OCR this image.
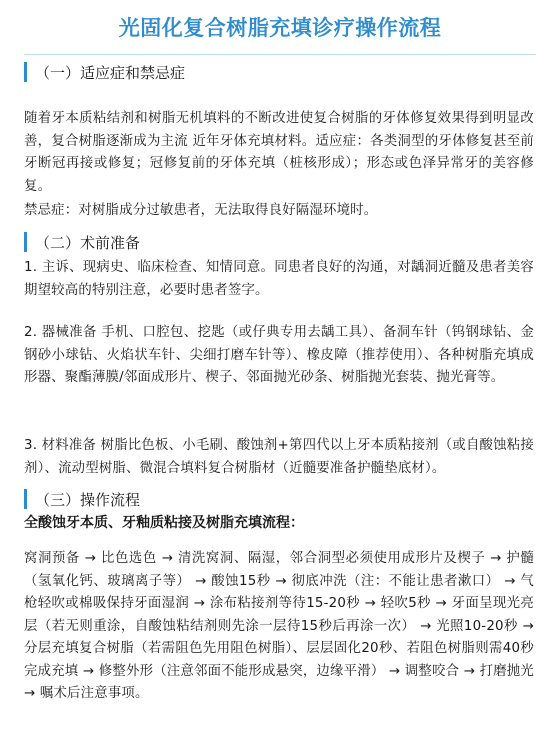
光固化复合树脂充填诊疗操作流程
（一）适应症和禁忌症
随着牙本质粘结剂和树脂无机填料的不断改进使复合树脂的牙体修复效果得到明显改善，复合树脂逐渐成为主流 近年牙体充填材料。适应症：各类洞型的牙体修复甚至前牙断冠再接或修复；冠修复前的牙体充填（桩核形成）；形态或色泽异常牙的美容修复。
禁忌症：对树脂成分过敏患者，无法取得良好隔湿环境时。
（二）术前准备
1. 主诉、现病史、临床检查、知情同意。同患者良好的沟通，对龋洞近髓及患者美容期望较高的特别注意，必要时患者签字。
2. 器械准备 手机、口腔包、挖匙（或仔典专用去龋工具）、备洞车针（钨钢球钻、金钢砂小球钻、火焰状车针、尖细打磨车针等）、橡皮障（推荐使用）、各种树脂充填成形器、聚酯薄膜/邻面成形片、楔子、邻面抛光砂条、树脂抛光套装、抛光膏等。
3. 材料准备 树脂比色板、小毛刷、酸蚀剂+第四代以上牙本质粘接剂（或自酸蚀粘接剂）、流动型树脂、微混合填料复合树脂材（近髓要准备护髓垫底材）。
（三）操作流程
全酸蚀牙本质、牙釉质粘接及树脂充填流程：
窝洞预备 → 比色选色 → 清洗窝洞、隔湿，邻合洞型必须使用成形片及楔子 → 护髓（氢氧化钙、玻璃离子等） → 酸蚀15秒 → 彻底冲洗（注：不能让患者漱口） → 气枪轻吹或棉吸保持牙面湿润 → 涂布粘接剂等待15-20秒 → 轻吹5秒 → 牙面呈现光亮层（若无则重涂，自酸蚀粘结剂则先涂一层待15秒后再涂一次） → 光照10-20秒 → 分层充填复合树脂（若需阻色先用阻色树脂）、层层固化20秒、若阻色树脂则需40秒完成充填 → 修整外形（注意邻面不能形成悬突，边缘平滑） → 调整咬合 → 打磨抛光 → 嘱术后注意事项。
